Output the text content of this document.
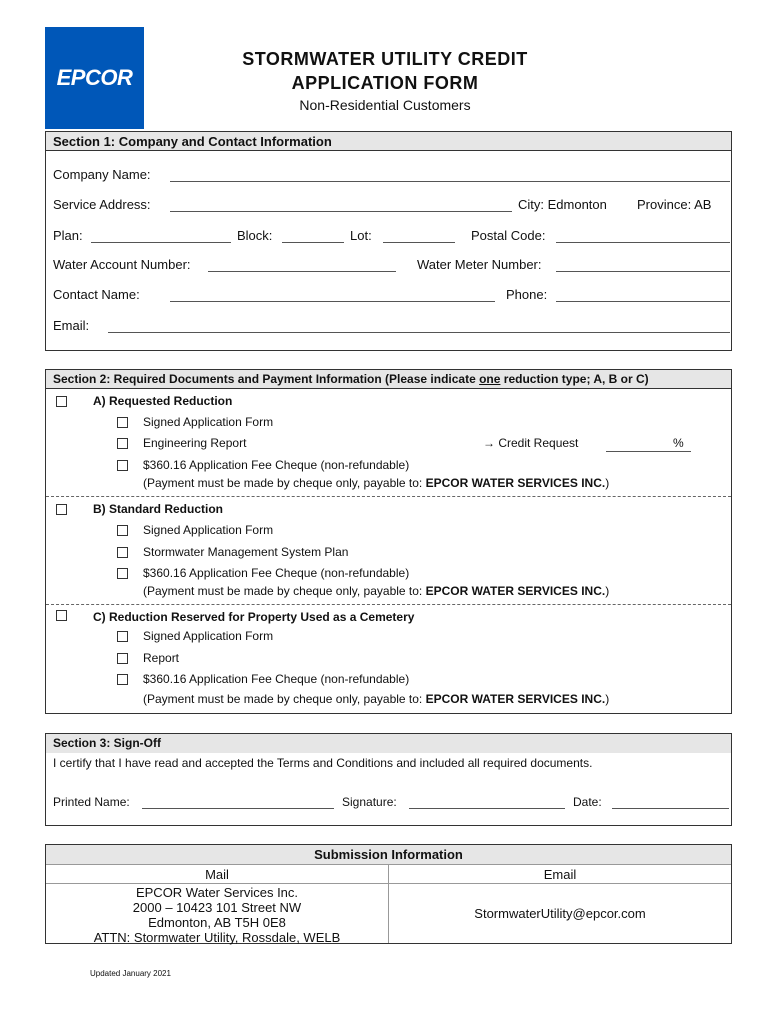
EPCOR
STORMWATER UTILITY CREDIT
APPLICATION FORM
Non-Residential Customers
Section 1: Company and Contact Information
Company Name:
Service Address:	City: Edmonton Province: AB
Plan:	Block:	Lot:	Postal Code:
Water Account Number:	Water Meter Number:
Contact Name:	Phone:
Email:
Section 2: Required Documents and Payment Information (Please indicate one reduction type; A, B or C)
A) Requested Reduction
Signed Application Form
Engineering Report	→ Credit Request	%
$360.16 Application Fee Cheque (non-refundable)
(Payment must be made by cheque only, payable to: EPCOR WATER SERVICES INC.)
B) Standard Reduction
Signed Application Form
Stormwater Management System Plan
$360.16 Application Fee Cheque (non-refundable)
(Payment must be made by cheque only, payable to: EPCOR WATER SERVICES INC.)
C) Reduction Reserved for Property Used as a Cemetery
Signed Application Form
Report
$360.16 Application Fee Cheque (non-refundable)
(Payment must be made by cheque only, payable to: EPCOR WATER SERVICES INC.)
Section 3: Sign-Off
I certify that I have read and accepted the Terms and Conditions and included all required documents.
Printed Name:	Signature:	Date:
Submission Information
Mail	Email
EPCOR Water Services Inc.
2000 – 10423 101 Street NW
Edmonton, AB T5H 0E8
ATTN: Stormwater Utility, Rossdale, WELB
StormwaterUtility@epcor.com
Updated January 2021
